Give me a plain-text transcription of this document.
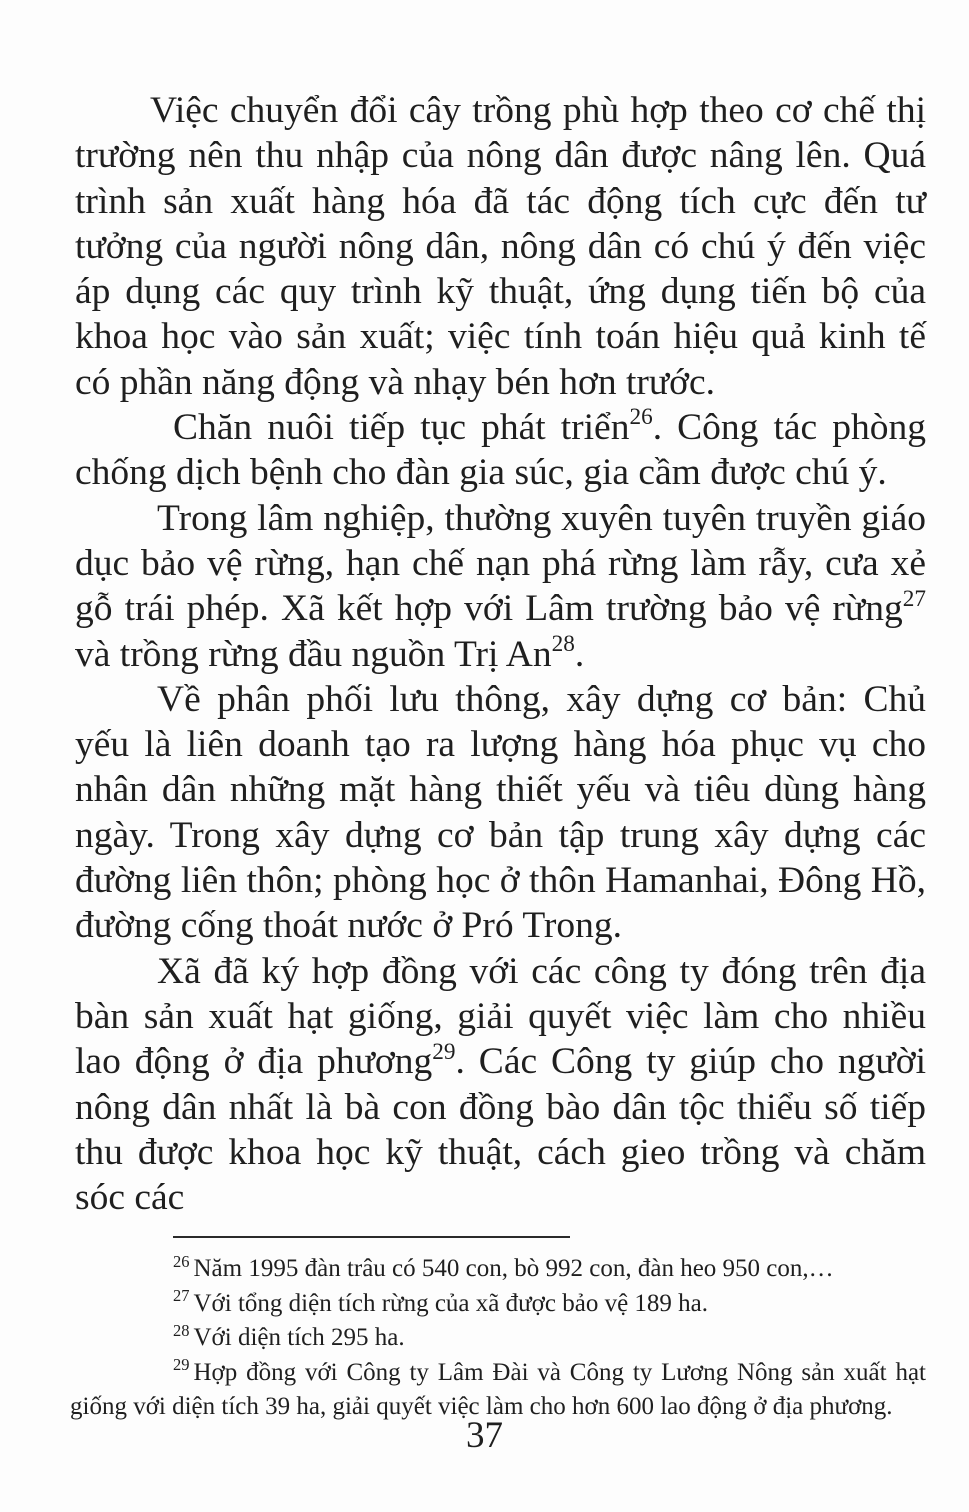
Việc chuyển đổi cây trồng phù hợp theo cơ chế thị trường nên thu nhập của nông dân được nâng lên. Quá trình sản xuất hàng hóa đã tác động tích cực đến tư tưởng của người nông dân, nông dân có chú ý đến việc áp dụng các quy trình kỹ thuật, ứng dụng tiến bộ của khoa học vào sản xuất; việc tính toán hiệu quả kinh tế có phần năng động và nhạy bén hơn trước.

Chăn nuôi tiếp tục phát triển$^{26}$. Công tác phòng chống dịch bệnh cho đàn gia súc, gia cầm được chú ý.

Trong lâm nghiệp, thường xuyên tuyên truyền giáo dục bảo vệ rừng, hạn chế nạn phá rừng làm rẫy, cưa xẻ gỗ trái phép. Xã kết hợp với Lâm trường bảo vệ rừng$^{27}$ và trồng rừng đầu nguồn Trị An$^{28}$.

Về phân phối lưu thông, xây dựng cơ bản: Chủ yếu là liên doanh tạo ra lượng hàng hóa phục vụ cho nhân dân những mặt hàng thiết yếu và tiêu dùng hàng ngày. Trong xây dựng cơ bản tập trung xây dựng các đường liên thôn; phòng học ở thôn Hamanhai, Đông Hồ, đường cống thoát nước ở Pró Trong.

Xã đã ký hợp đồng với các công ty đóng trên địa bàn sản xuất hạt giống, giải quyết việc làm cho nhiều lao động ở địa phương$^{29}$. Các Công ty giúp cho người nông dân nhất là bà con đồng bào dân tộc thiểu số tiếp thu được khoa học kỹ thuật, cách gieo trồng và chăm sóc các

$^{26}$ Năm 1995 đàn trâu có 540 con, bò 992 con, đàn heo 950 con,…

$^{27}$ Với tổng diện tích rừng của xã được bảo vệ 189 ha.

$^{28}$ Với diện tích 295 ha.

$^{29}$ Hợp đồng với Công ty Lâm Đài và Công ty Lương Nông sản xuất hạt giống với diện tích 39 ha, giải quyết việc làm cho hơn 600 lao động ở địa phương.

37
